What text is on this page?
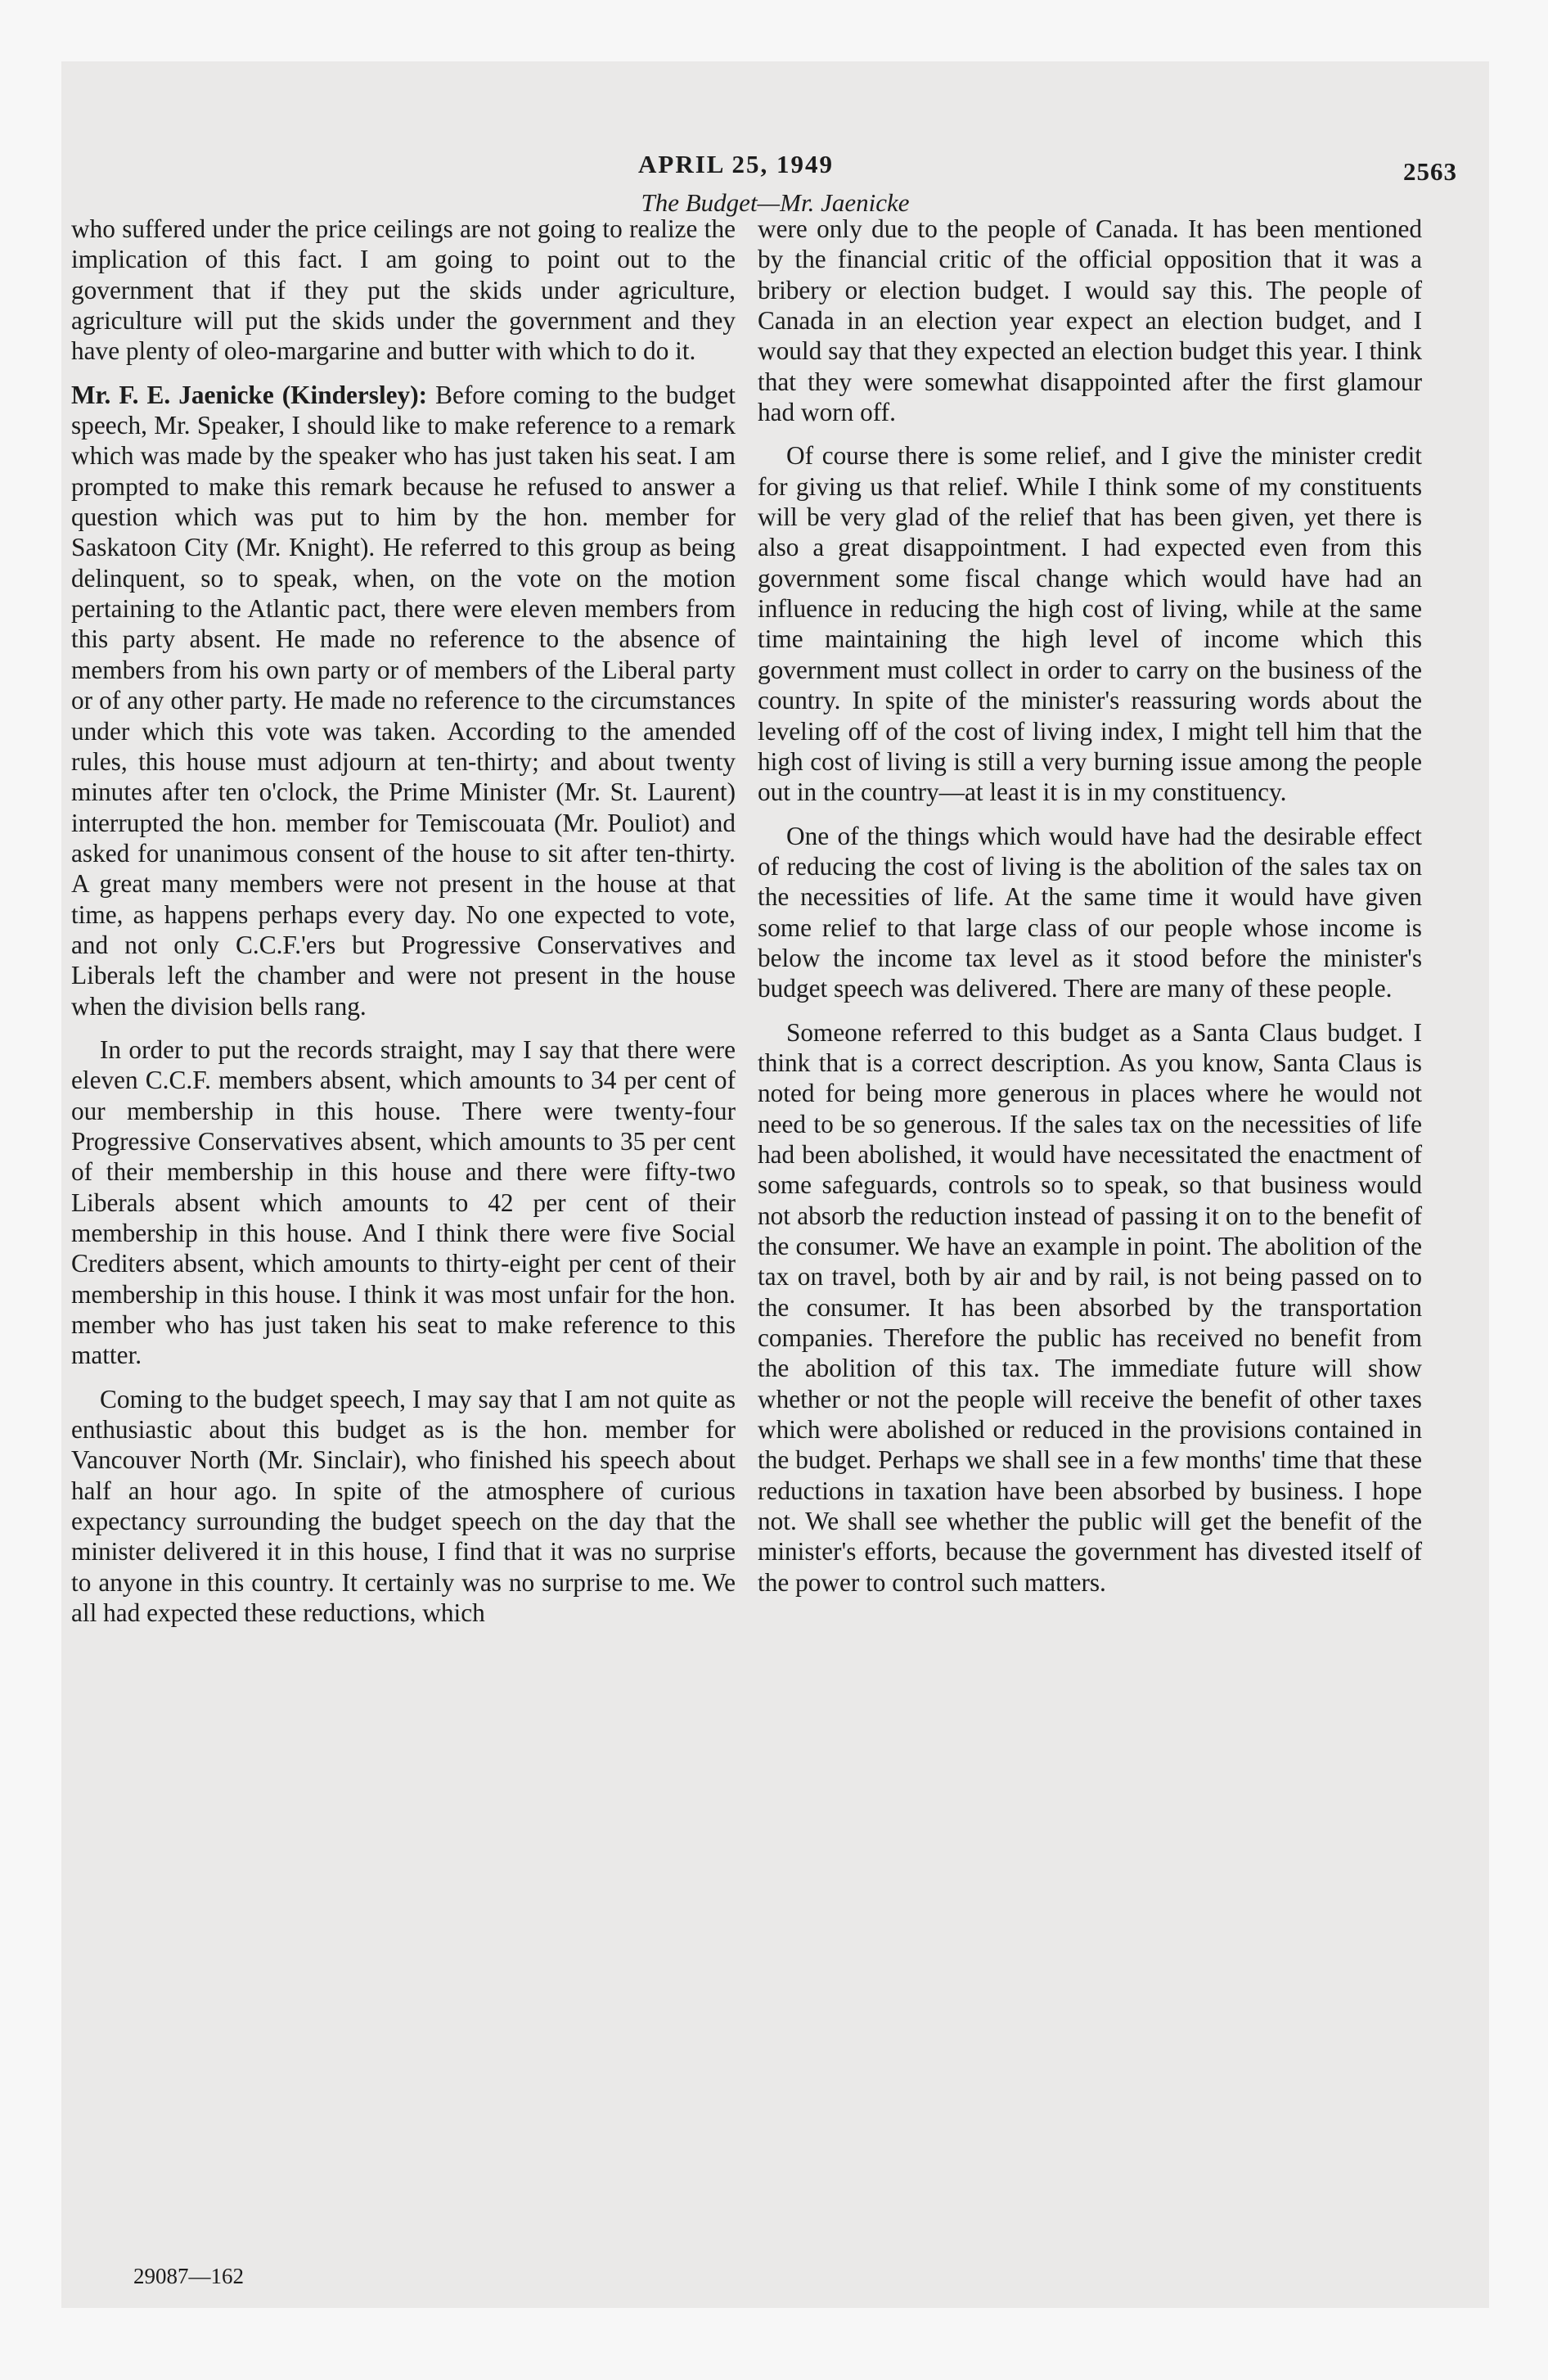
APRIL 25, 1949	2563
The Budget—Mr. Jaenicke

who suffered under the price ceilings are not going to realize the implication of this fact. I am going to point out to the government that if they put the skids under agriculture, agriculture will put the skids under the government and they have plenty of oleo-margarine and butter with which to do it.

Mr. F. E. Jaenicke (Kindersley): Before coming to the budget speech, Mr. Speaker, I should like to make reference to a remark which was made by the speaker who has just taken his seat. I am prompted to make this remark because he refused to answer a question which was put to him by the hon. member for Saskatoon City (Mr. Knight). He referred to this group as being delinquent, so to speak, when, on the vote on the motion pertaining to the Atlantic pact, there were eleven members from this party absent. He made no reference to the absence of members from his own party or of members of the Liberal party or of any other party. He made no reference to the circumstances under which this vote was taken. According to the amended rules, this house must adjourn at ten-thirty; and about twenty minutes after ten o'clock, the Prime Minister (Mr. St. Laurent) interrupted the hon. member for Temiscouata (Mr. Pouliot) and asked for unanimous consent of the house to sit after ten-thirty. A great many members were not present in the house at that time, as happens perhaps every day. No one expected to vote, and not only C.C.F.'ers but Progressive Conservatives and Liberals left the chamber and were not present in the house when the division bells rang.

In order to put the records straight, may I say that there were eleven C.C.F. members absent, which amounts to 34 per cent of our membership in this house. There were twenty-four Progressive Conservatives absent, which amounts to 35 per cent of their membership in this house and there were fifty-two Liberals absent which amounts to 42 per cent of their membership in this house. And I think there were five Social Crediters absent, which amounts to thirty-eight per cent of their membership in this house. I think it was most unfair for the hon. member who has just taken his seat to make reference to this matter.

Coming to the budget speech, I may say that I am not quite as enthusiastic about this budget as is the hon. member for Vancouver North (Mr. Sinclair), who finished his speech about half an hour ago. In spite of the atmosphere of curious expectancy surrounding the budget speech on the day that the minister delivered it in this house, I find that it was no surprise to anyone in this country. It certainly was no surprise to me. We all had expected these reductions, which

were only due to the people of Canada. It has been mentioned by the financial critic of the official opposition that it was a bribery or election budget. I would say this. The people of Canada in an election year expect an election budget, and I would say that they expected an election budget this year. I think that they were somewhat disappointed after the first glamour had worn off.

Of course there is some relief, and I give the minister credit for giving us that relief. While I think some of my constituents will be very glad of the relief that has been given, yet there is also a great disappointment. I had expected even from this government some fiscal change which would have had an influence in reducing the high cost of living, while at the same time maintaining the high level of income which this government must collect in order to carry on the business of the country. In spite of the minister's reassuring words about the leveling off of the cost of living index, I might tell him that the high cost of living is still a very burning issue among the people out in the country—at least it is in my constituency.

One of the things which would have had the desirable effect of reducing the cost of living is the abolition of the sales tax on the necessities of life. At the same time it would have given some relief to that large class of our people whose income is below the income tax level as it stood before the minister's budget speech was delivered. There are many of these people.

Someone referred to this budget as a Santa Claus budget. I think that is a correct description. As you know, Santa Claus is noted for being more generous in places where he would not need to be so generous. If the sales tax on the necessities of life had been abolished, it would have necessitated the enactment of some safeguards, controls so to speak, so that business would not absorb the reduction instead of passing it on to the benefit of the consumer. We have an example in point. The abolition of the tax on travel, both by air and by rail, is not being passed on to the consumer. It has been absorbed by the transportation companies. Therefore the public has received no benefit from the abolition of this tax. The immediate future will show whether or not the people will receive the benefit of other taxes which were abolished or reduced in the provisions contained in the budget. Perhaps we shall see in a few months' time that these reductions in taxation have been absorbed by business. I hope not. We shall see whether the public will get the benefit of the minister's efforts, because the government has divested itself of the power to control such matters.

29087—162
